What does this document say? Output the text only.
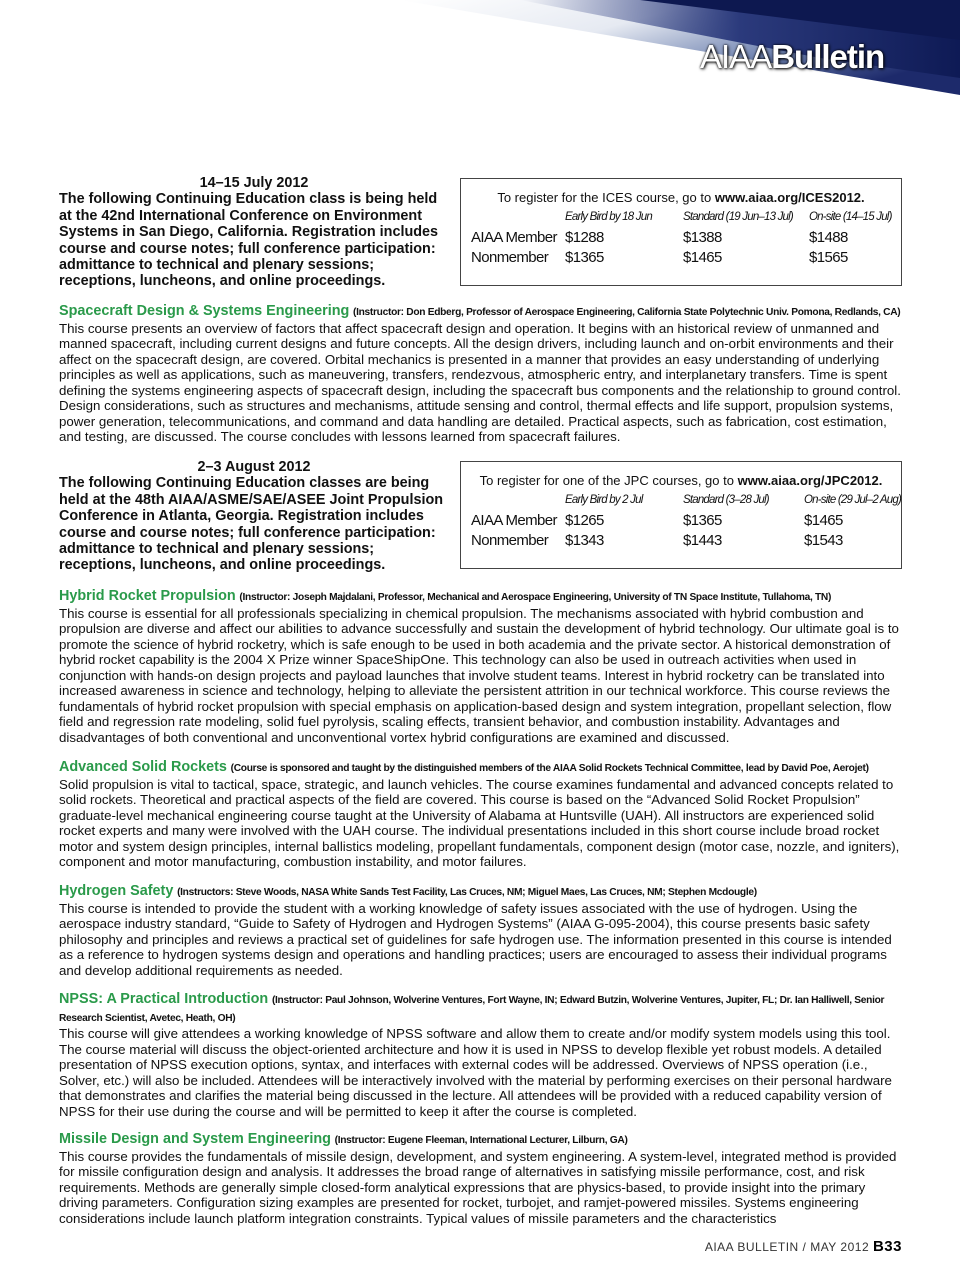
AIAABulletin
14–15 July 2012
The following Continuing Education class is being held at the 42nd International Conference on Environment Systems in San Diego, California. Registration includes course and course notes; full conference participation: admittance to technical and plenary sessions; receptions, luncheons, and online proceedings.
To register for the ICES course, go to www.aiaa.org/ICES2012.
	Early Bird by 18 Jun	Standard (19 Jun–13 Jul)	On-site (14–15 Jul)
AIAA Member	$1288	$1388	$1488
Nonmember	$1365	$1465	$1565
Spacecraft Design & Systems Engineering (Instructor: Don Edberg, Professor of Aerospace Engineering, California State Polytechnic Univ. Pomona, Redlands, CA)
This course presents an overview of factors that affect spacecraft design and operation. It begins with an historical review of unmanned and manned spacecraft, including current designs and future concepts. All the design drivers, including launch and on-orbit environments and their affect on the spacecraft design, are covered. Orbital mechanics is presented in a manner that provides an easy understanding of underlying principles as well as applications, such as maneuvering, transfers, rendezvous, atmospheric entry, and interplanetary transfers. Time is spent defining the systems engineering aspects of spacecraft design, including the spacecraft bus components and the relationship to ground control. Design considerations, such as structures and mechanisms, attitude sensing and control, thermal effects and life support, propulsion systems, power generation, telecommunications, and command and data handling are detailed. Practical aspects, such as fabrication, cost estimation, and testing, are discussed. The course concludes with lessons learned from spacecraft failures.
2–3 August 2012
The following Continuing Education classes are being held at the 48th AIAA/ASME/SAE/ASEE Joint Propulsion Conference in Atlanta, Georgia. Registration includes course and course notes; full conference participation: admittance to technical and plenary sessions; receptions, luncheons, and online proceedings.
To register for one of the JPC courses, go to www.aiaa.org/JPC2012.
	Early Bird by 2 Jul	Standard (3–28 Jul)	On-site (29 Jul–2 Aug)
AIAA Member	$1265	$1365	$1465
Nonmember	$1343	$1443	$1543
Hybrid Rocket Propulsion (Instructor: Joseph Majdalani, Professor, Mechanical and Aerospace Engineering, University of TN Space Institute, Tullahoma, TN)
This course is essential for all professionals specializing in chemical propulsion. The mechanisms associated with hybrid combustion and propulsion are diverse and affect our abilities to advance successfully and sustain the development of hybrid technology. Our ultimate goal is to promote the science of hybrid rocketry, which is safe enough to be used in both academia and the private sector. A historical demonstration of hybrid rocket capability is the 2004 X Prize winner SpaceShipOne. This technology can also be used in outreach activities when used in conjunction with hands-on design projects and payload launches that involve student teams. Interest in hybrid rocketry can be translated into increased awareness in science and technology, helping to alleviate the persistent attrition in our technical workforce. This course reviews the fundamentals of hybrid rocket propulsion with special emphasis on application-based design and system integration, propellant selection, flow field and regression rate modeling, solid fuel pyrolysis, scaling effects, transient behavior, and combustion instability. Advantages and disadvantages of both conventional and unconventional vortex hybrid configurations are examined and discussed.
Advanced Solid Rockets (Course is sponsored and taught by the distinguished members of the AIAA Solid Rockets Technical Committee, lead by David Poe, Aerojet)
Solid propulsion is vital to tactical, space, strategic, and launch vehicles. The course examines fundamental and advanced concepts related to solid rockets. Theoretical and practical aspects of the field are covered. This course is based on the “Advanced Solid Rocket Propulsion” graduate-level mechanical engineering course taught at the University of Alabama at Huntsville (UAH). All instructors are experienced solid rocket experts and many were involved with the UAH course. The individual presentations included in this short course include broad rocket motor and system design principles, internal ballistics modeling, propellant fundamentals, component design (motor case, nozzle, and igniters), component and motor manufacturing, combustion instability, and motor failures.
Hydrogen Safety (Instructors: Steve Woods, NASA White Sands Test Facility, Las Cruces, NM; Miguel Maes, Las Cruces, NM; Stephen Mcdougle)
This course is intended to provide the student with a working knowledge of safety issues associated with the use of hydrogen. Using the aerospace industry standard, “Guide to Safety of Hydrogen and Hydrogen Systems” (AIAA G-095-2004), this course presents basic safety philosophy and principles and reviews a practical set of guidelines for safe hydrogen use. The information presented in this course is intended as a reference to hydrogen systems design and operations and handling practices; users are encouraged to assess their individual programs and develop additional requirements as needed.
NPSS: A Practical Introduction (Instructor: Paul Johnson, Wolverine Ventures, Fort Wayne, IN; Edward Butzin, Wolverine Ventures, Jupiter, FL; Dr. Ian Halliwell, Senior Research Scientist, Avetec, Heath, OH)
This course will give attendees a working knowledge of NPSS software and allow them to create and/or modify system models using this tool. The course material will discuss the object-oriented architecture and how it is used in NPSS to develop flexible yet robust models. A detailed presentation of NPSS execution options, syntax, and interfaces with external codes will be addressed. Overviews of NPSS operation (i.e., Solver, etc.) will also be included. Attendees will be interactively involved with the material by performing exercises on their personal hardware that demonstrates and clarifies the material being discussed in the lecture. All attendees will be provided with a reduced capability version of NPSS for their use during the course and will be permitted to keep it after the course is completed.
Missile Design and System Engineering (Instructor: Eugene Fleeman, International Lecturer, Lilburn, GA)
This course provides the fundamentals of missile design, development, and system engineering. A system-level, integrated method is provided for missile configuration design and analysis. It addresses the broad range of alternatives in satisfying missile performance, cost, and risk requirements. Methods are generally simple closed-form analytical expressions that are physics-based, to provide insight into the primary driving parameters. Configuration sizing examples are presented for rocket, turbojet, and ramjet-powered missiles. Systems engineering considerations include launch platform integration constraints. Typical values of missile parameters and the characteristics
AIAA BULLETIN / MAY 2012 B33
